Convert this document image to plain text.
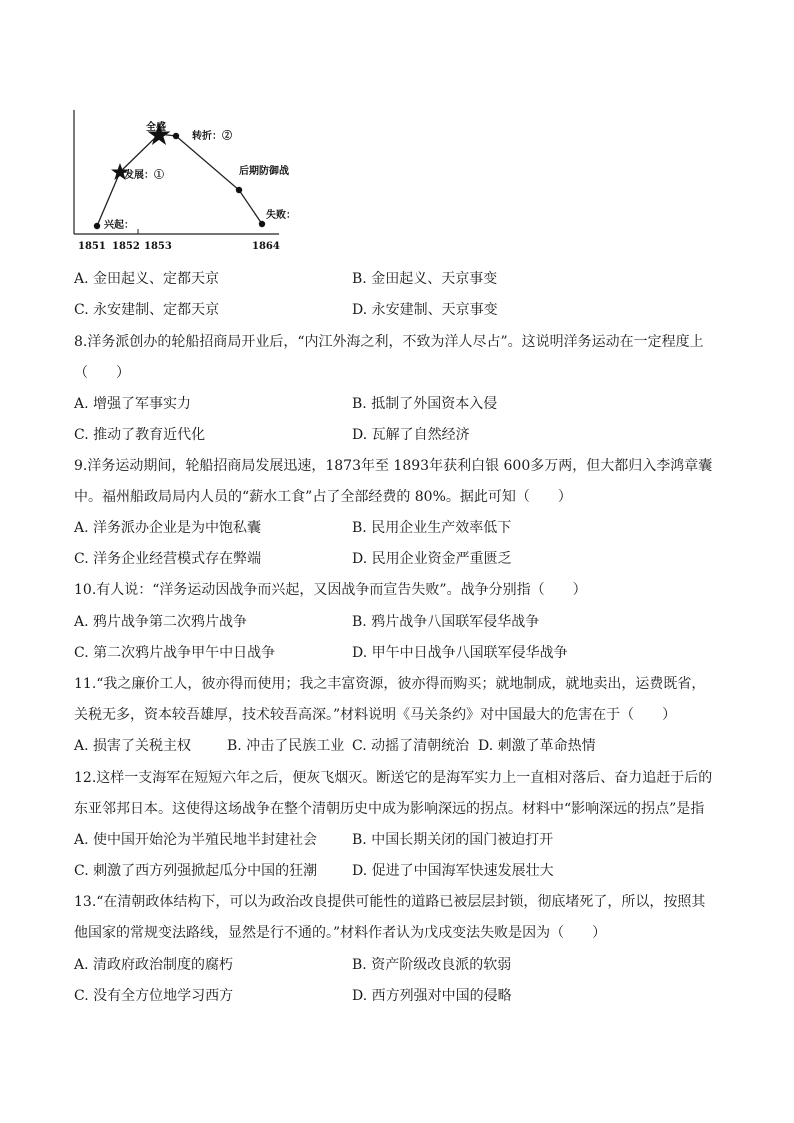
全盛
转折：②
发展：①	后期防御战
兴起：
失败：
1851 1852 1853	1864
A. 金田起义、定都天京	B. 金田起义、天京事变
C. 永安建制、定都天京	D. 永安建制、天京事变
8.洋务派创办的轮船招商局开业后，“内江外海之利，不致为洋人尽占”。这说明洋务运动在一定程度上
（　　）
A. 增强了军事实力	B. 抵制了外国资本入侵
C. 推动了教育近代化	D. 瓦解了自然经济
9.洋务运动期间，轮船招商局发展迅速，1873年至 1893年获利白银 600多万两，但大都归入李鸿章囊
中。福州船政局局内人员的“薪水工食”占了全部经费的 80%。据此可知（　　）
A. 洋务派办企业是为中饱私囊	B. 民用企业生产效率低下
C. 洋务企业经营模式存在弊端	D. 民用企业资金严重匮乏
10.有人说：“洋务运动因战争而兴起，又因战争而宣告失败”。战争分别指（　　）
A. 鸦片战争第二次鸦片战争	B. 鸦片战争八国联军侵华战争
C. 第二次鸦片战争甲午中日战争	D. 甲午中日战争八国联军侵华战争
11.“我之廉价工人，彼亦得而使用；我之丰富资源，彼亦得而购买；就地制成，就地卖出，运费既省，
关税无多，资本较吾雄厚，技术较吾高深。”材料说明《马关条约》对中国最大的危害在于（　　）
A. 损害了关税主权	B. 冲击了民族工业 C. 动摇了清朝统治 D. 刺激了革命热情
12.这样一支海军在短短六年之后，便灰飞烟灭。断送它的是海军实力上一直相对落后、奋力追赶于后的
东亚邻邦日本。这使得这场战争在整个清朝历史中成为影响深远的拐点。材料中“影响深远的拐点”是指
A. 使中国开始沦为半殖民地半封建社会 B. 中国长期关闭的国门被迫打开
C. 刺激了西方列强掀起瓜分中国的狂潮 D. 促进了中国海军快速发展壮大
13.“在清朝政体结构下，可以为政治改良提供可能性的道路已被层层封锁，彻底堵死了，所以，按照其
他国家的常规变法路线，显然是行不通的。”材料作者认为戊戌变法失败是因为（　　）
A. 清政府政治制度的腐朽	B. 资产阶级改良派的软弱
C. 没有全方位地学习西方	D. 西方列强对中国的侵略
